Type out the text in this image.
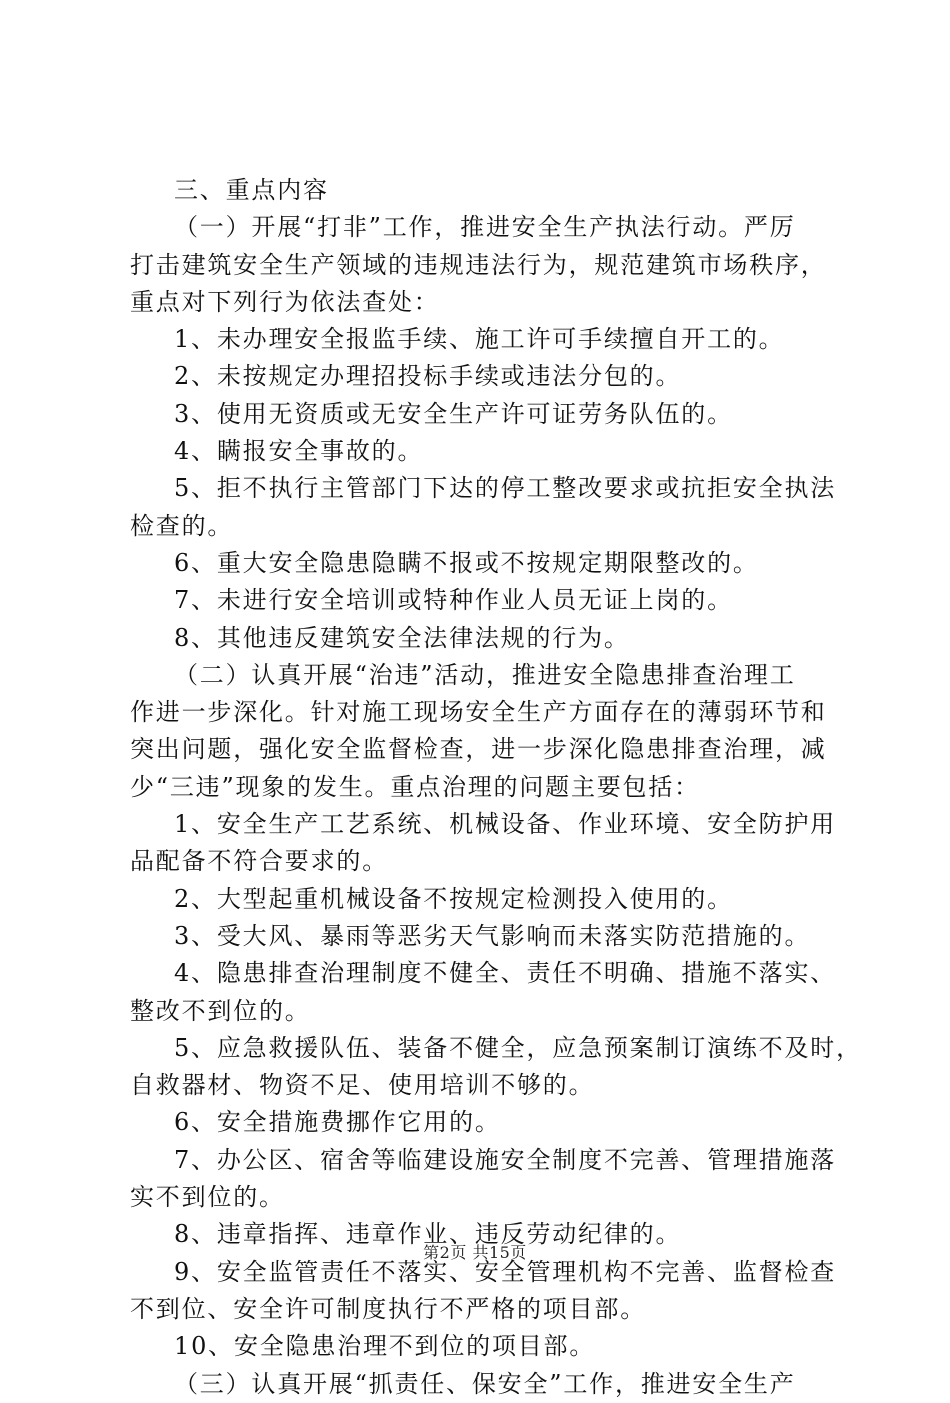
三、重点内容
（一）开展“打非”工作，推进安全生产执法行动。严厉
打击建筑安全生产领域的违规违法行为，规范建筑市场秩序，
重点对下列行为依法查处：
1、未办理安全报监手续、施工许可手续擅自开工的。
2、未按规定办理招投标手续或违法分包的。
3、使用无资质或无安全生产许可证劳务队伍的。
4、瞒报安全事故的。
5、拒不执行主管部门下达的停工整改要求或抗拒安全执法
检查的。
6、重大安全隐患隐瞒不报或不按规定期限整改的。
7、未进行安全培训或特种作业人员无证上岗的。
8、其他违反建筑安全法律法规的行为。
（二）认真开展“治违”活动，推进安全隐患排查治理工
作进一步深化。针对施工现场安全生产方面存在的薄弱环节和
突出问题，强化安全监督检查，进一步深化隐患排查治理，减
少“三违”现象的发生。重点治理的问题主要包括：
1、安全生产工艺系统、机械设备、作业环境、安全防护用
品配备不符合要求的。
2、大型起重机械设备不按规定检测投入使用的。
3、受大风、暴雨等恶劣天气影响而未落实防范措施的。
4、隐患排查治理制度不健全、责任不明确、措施不落实、
整改不到位的。
5、应急救援队伍、装备不健全，应急预案制订演练不及时，
自救器材、物资不足、使用培训不够的。
6、安全措施费挪作它用的。
7、办公区、宿舍等临建设施安全制度不完善、管理措施落
实不到位的。
8、违章指挥、违章作业、违反劳动纪律的。
9、安全监管责任不落实、安全管理机构不完善、监督检查
不到位、安全许可制度执行不严格的项目部。
10、安全隐患治理不到位的项目部。
（三）认真开展“抓责任、保安全”工作，推进安全生产
第2页 共15页
